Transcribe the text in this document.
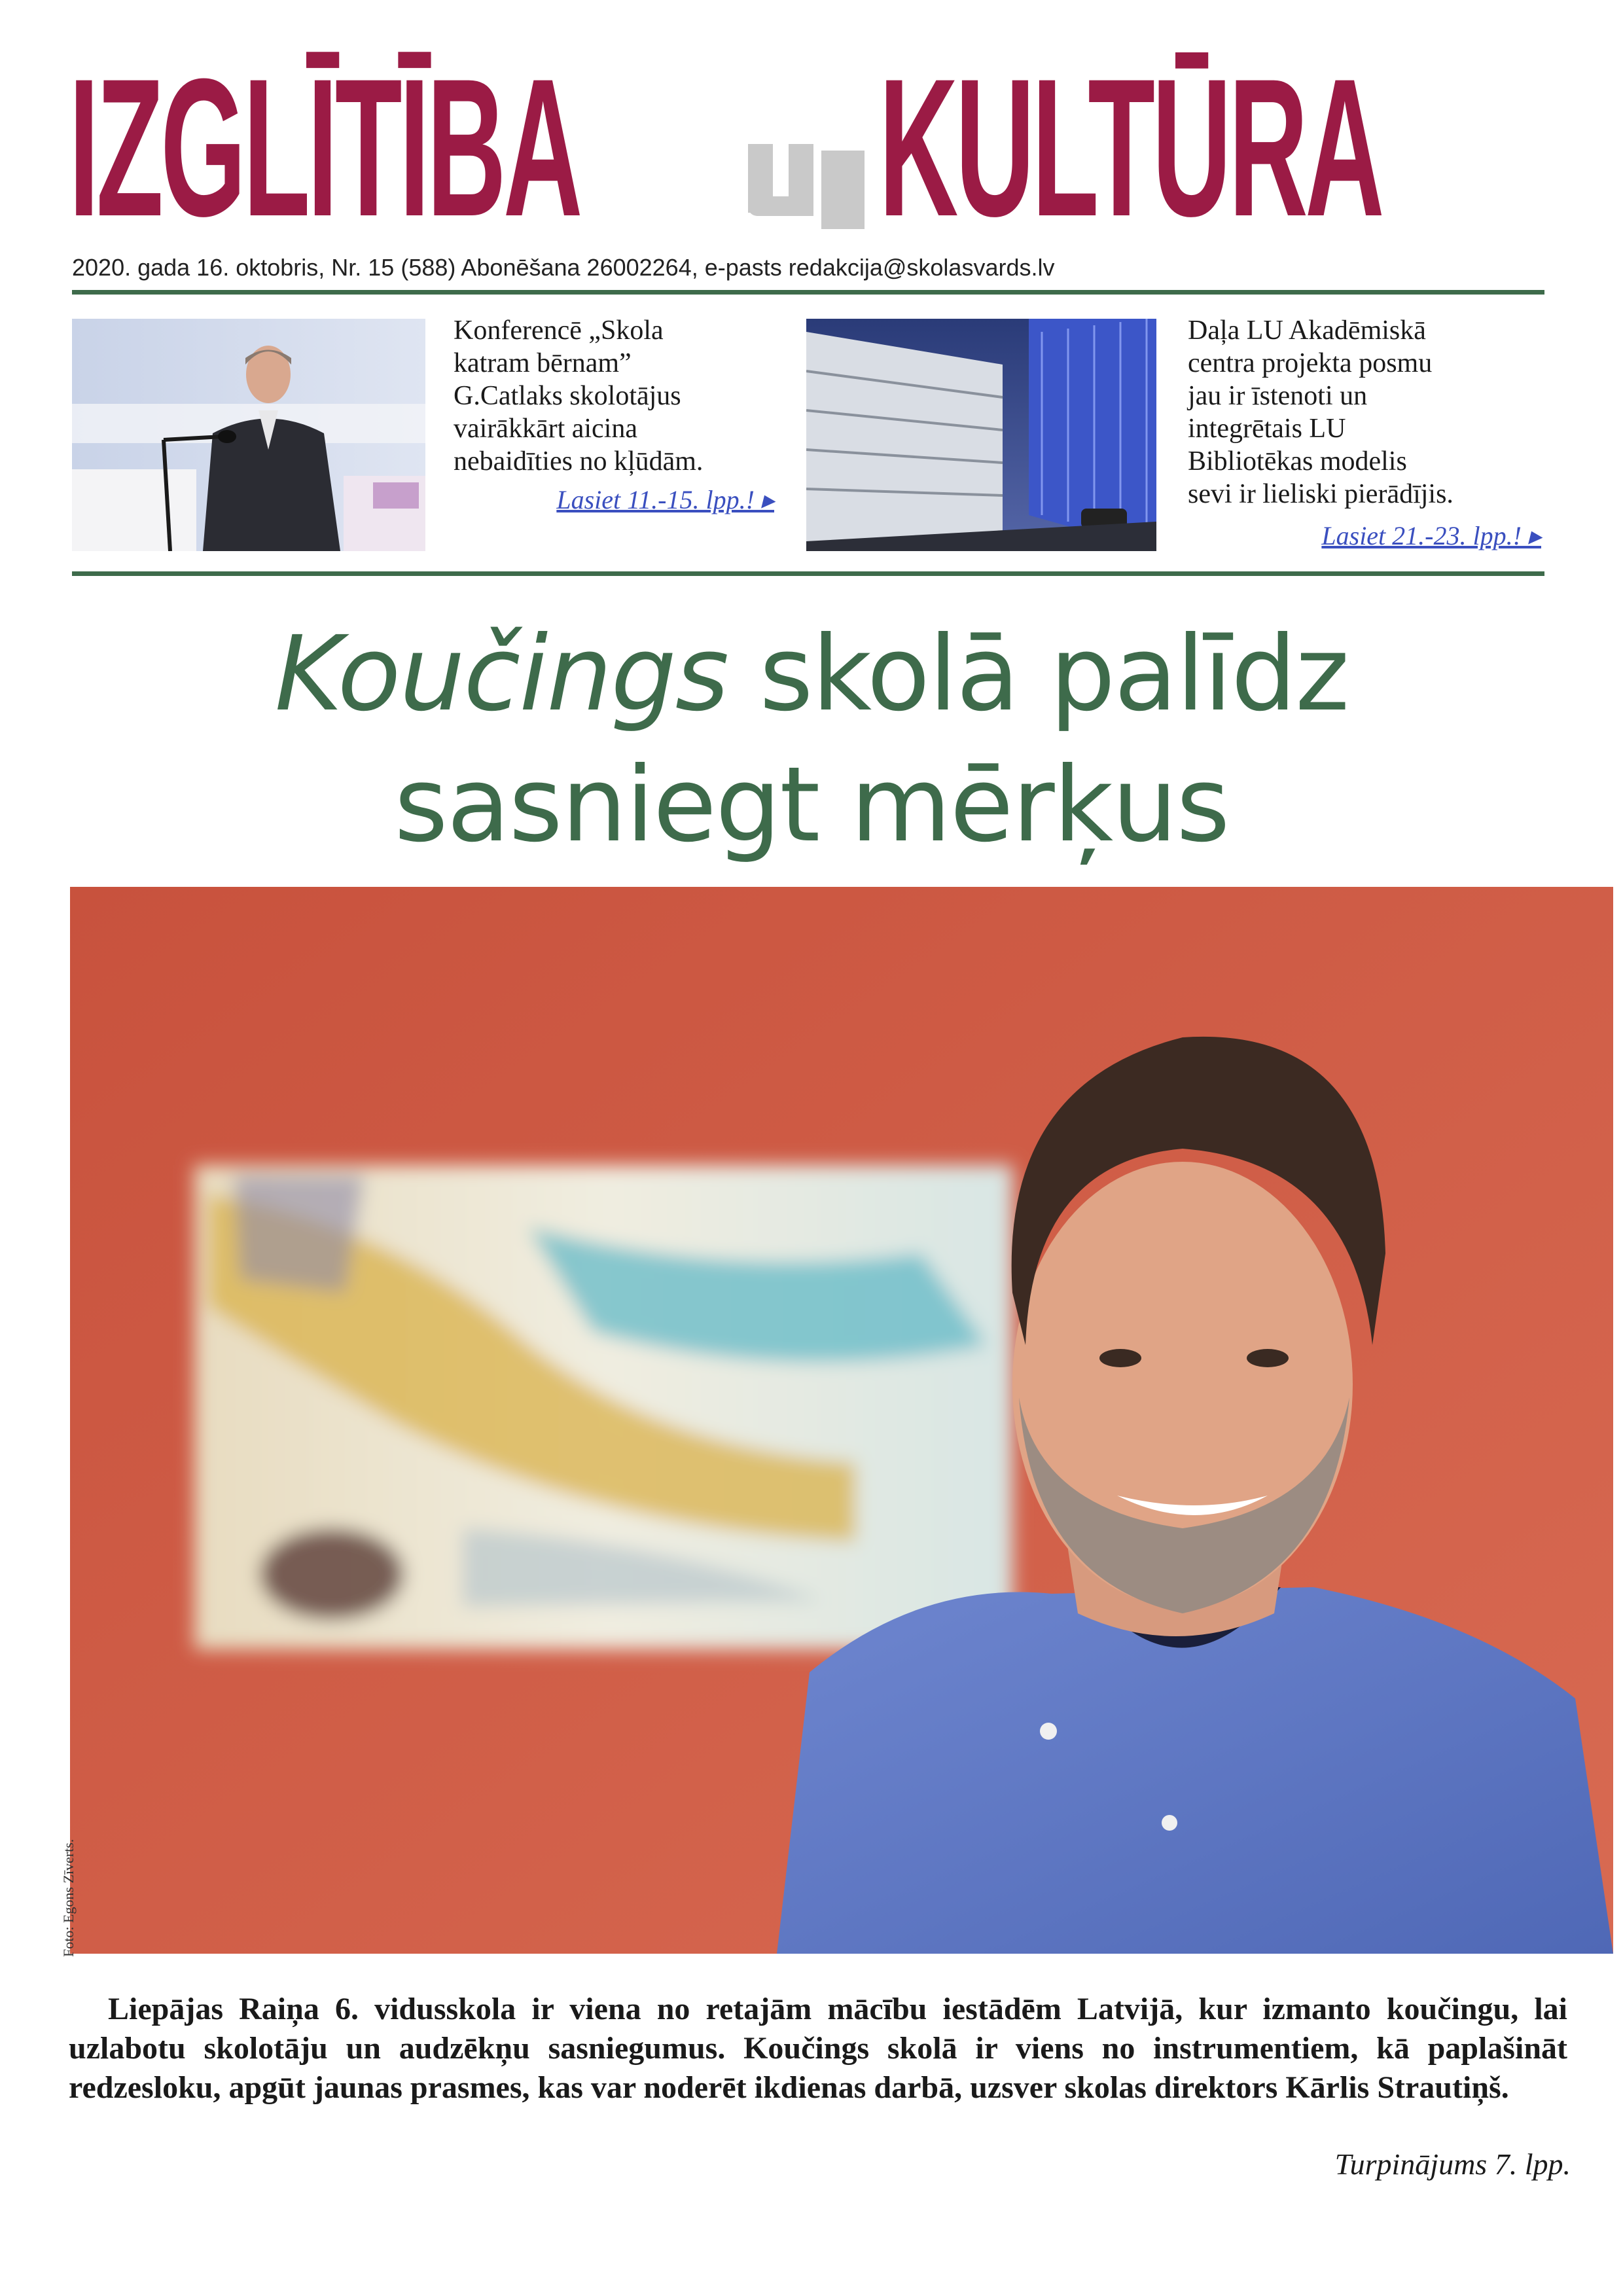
IZGLĪTĪBA KULTŪRA
2020. gada 16. oktobris, Nr. 15 (588) Abonēšana 26002264, e-pasts redakcija@skolasvards.lv
Konferencē „Skola
katram bērnam”
G.Catlaks skolotājus
vairākkārt aicina
nebaidīties no kļūdām.
Lasiet 11.-15. lpp.! ▸
Daļa LU Akadēmiskā
centra projekta posmu
jau ir īstenoti un
integrētais LU
Bibliotēkas modelis
sevi ir lieliski pierādījis.
Lasiet 21.-23. lpp.! ▸
Koučings skolā palīdz
sasniegt mērķus
Foto: Egons Zīverts.
Liepājas Raiņa 6. vidusskola ir viena no retajām mācību iestādēm Latvijā, kur izmanto koučingu, lai uzlabotu skolotāju un audzēkņu sasniegumus. Koučings skolā ir viens no instrumentiem, kā paplašināt redzesloku, apgūt jaunas prasmes, kas var noderēt ikdienas darbā, uzsver skolas direktors Kārlis Strautiņš.
Turpinājums 7. lpp.
